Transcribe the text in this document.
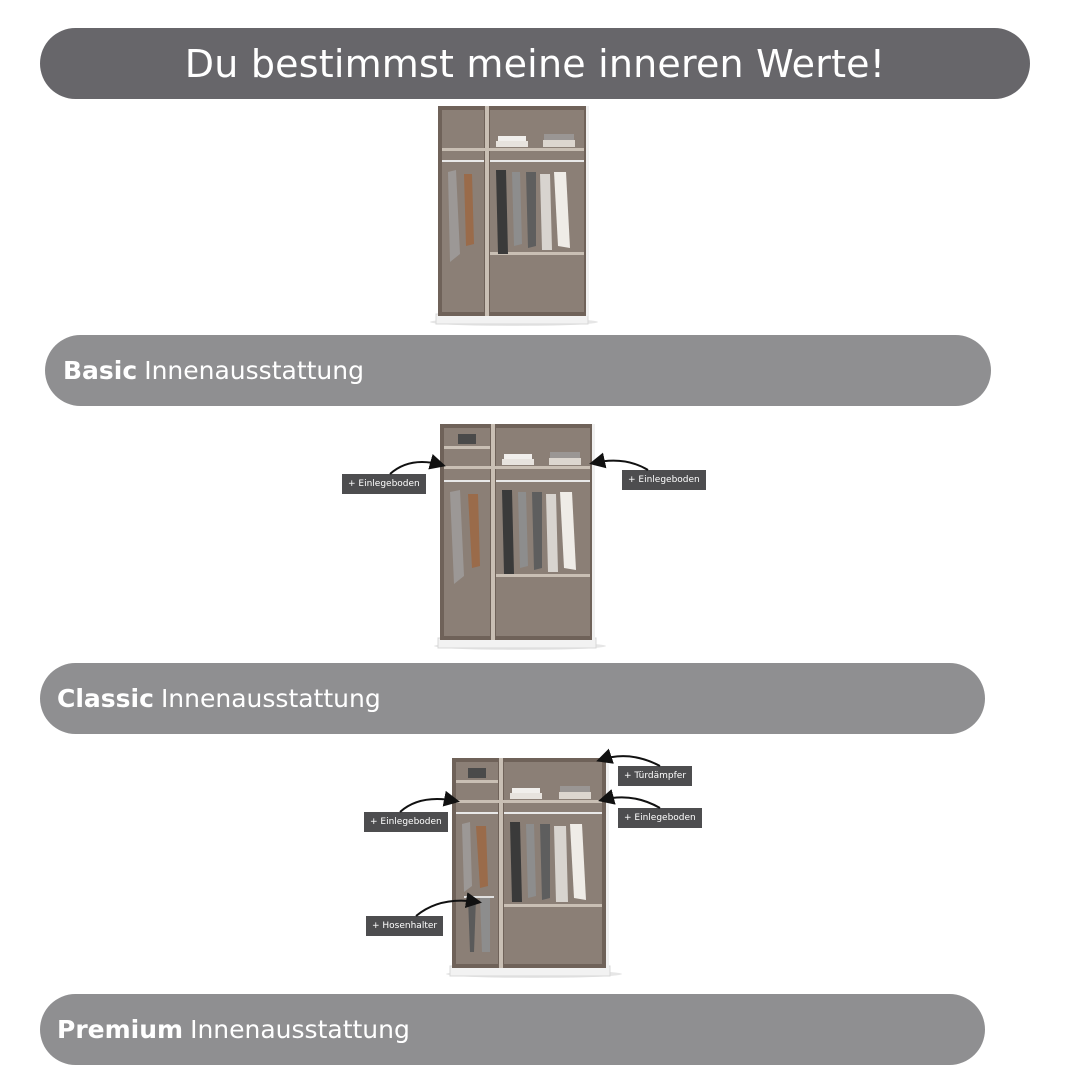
Du bestimmst meine inneren Werte!
Basic Innenausstattung
+ Einlegeboden	+ Einlegeboden
Classic Innenausstattung
+ Türdämpfer
+ Einlegeboden
+ Einlegeboden
+ Hosenhalter
Premium Innenausstattung
